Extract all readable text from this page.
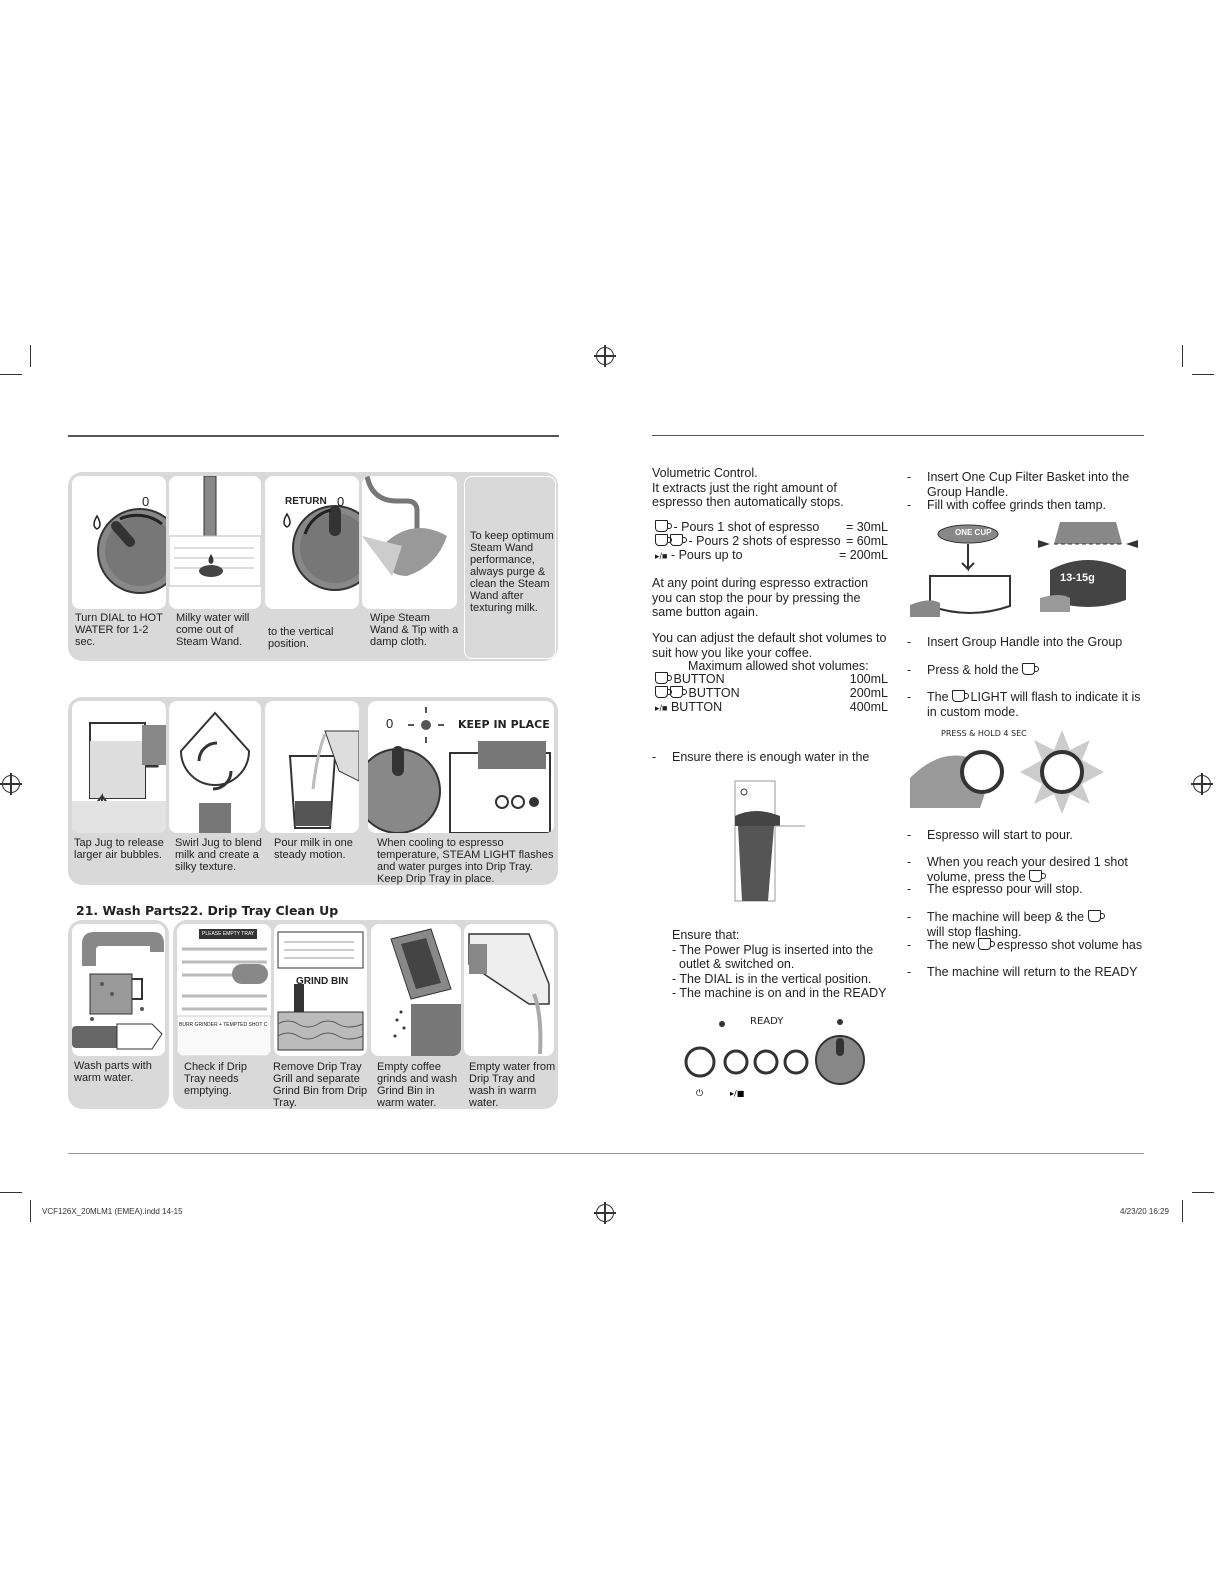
0	RETURN 0
Turn DIAL to HOT WATER for 1-2 sec.
Milky water will come out of Steam Wand.
to the vertical position.
Wipe Steam Wand & Tip with a damp cloth.
To keep optimum Steam Wand performance, always purge & clean the Steam Wand after texturing milk.
0	KEEP IN PLACE
Tap Jug to release larger air bubbles.
Swirl Jug to blend milk and create a silky texture.
Pour milk in one steady motion.
When cooling to espresso temperature, STEAM LIGHT flashes and water purges into Drip Tray. Keep Drip Tray in place.
21. Wash Parts 22. Drip Tray Clean Up
Wash parts with warm water.
PLEASE EMPTY TRAY
BURR GRINDER + TEMPTED SHOT C
GRIND BIN
Check if Drip Tray needs emptying.
Remove Drip Tray Grill and separate Grind Bin from Drip Tray.
Empty coffee grinds and wash Grind Bin in warm water.
Empty water from Drip Tray and wash in warm water.
Volumetric Control.
It extracts just the right amount of
espresso then automatically stops.
- Pours 1 shot of espresso	= 30mL
- Pours 2 shots of espresso = 60mL
▸/■ - Pours up to	= 200mL
At any point during espresso extraction
you can stop the pour by pressing the
same button again.
You can adjust the default shot volumes to
suit how you like your coffee.
Maximum allowed shot volumes:
BUTTON	100mL
BUTTON	200mL
▸/■ BUTTON	400mL
- Ensure there is enough water in the
Ensure that:
- The Power Plug is inserted into the
outlet & switched on.
- The DIAL is in the vertical position.
- The machine is on and in the READY
READY
⏻	▸/■
- Insert One Cup Filter Basket into the
Group Handle.
- Fill with coffee grinds then tamp.
ONE CUP
13-15g
- Insert Group Handle into the Group
- Press & hold the
- The LIGHT will flash to indicate it is
in custom mode.
PRESS & HOLD 4 SEC
- Espresso will start to pour.
- When you reach your desired 1 shot
volume, press the
- The espresso pour will stop.
- The machine will beep & the
will stop flashing.
- The new espresso shot volume has
- The machine will return to the READY
VCF126X_20MLM1 (EMEA).indd 14-15	4/23/20 16:29
